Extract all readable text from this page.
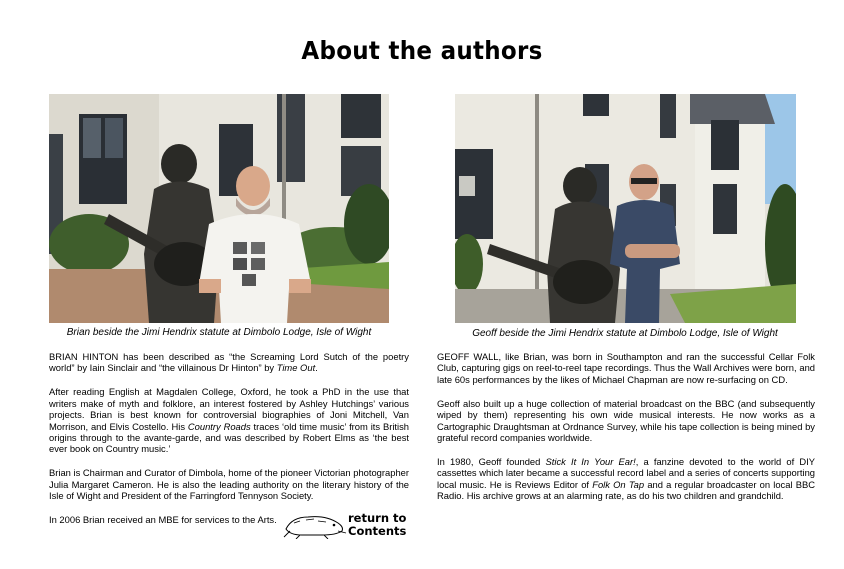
About the authors
Brian beside the Jimi Hendrix statute at Dimbolo Lodge, Isle of Wight	Geoff beside the Jimi Hendrix statute at Dimbolo Lodge, Isle of Wight

BRIAN HINTON has been described as “the Screaming Lord Sutch of the poetry world” by Iain Sinclair and “the villainous Dr Hinton” by Time Out.

After reading English at Magdalen College, Oxford, he took a PhD in the use that writers make of myth and folklore, an interest fostered by Ashley Hutchings’ various projects. Brian is best known for controversial biographies of Joni Mitchell, Van Morrison, and Elvis Costello. His Country Roads traces ‘old time music’ from its British origins through to the avante-garde, and was described by Robert Elms as ‘the best ever book on Country music.’

Brian is Chairman and Curator of Dimbola, home of the pioneer Victorian photographer Julia Margaret Cameron. He is also the leading authority on the literary history of the Isle of Wight and President of the Farringford Tennyson Society.

In 2006 Brian received an MBE for services to the Arts.	return to
Contents

GEOFF WALL, like Brian, was born in Southampton and ran the successful Cellar Folk Club, capturing gigs on reel-to-reel tape recordings. Thus the Wall Archives were born, and late 60s performances by the likes of Michael Chapman are now re-surfacing on CD.

Geoff also built up a huge collection of material broadcast on the BBC (and subsequently wiped by them) representing his own wide musical interests. He now works as a Cartographic Draughtsman at Ordnance Survey, while his tape collection is being mined by grateful record companies worldwide.

In 1980, Geoff founded Stick It In Your Ear!, a fanzine devoted to the world of DIY cassettes which later became a successful record label and a series of concerts supporting local music. He is Reviews Editor of Folk On Tap and a regular broadcaster on local BBC Radio. His archive grows at an alarming rate, as do his two children and grandchild.
